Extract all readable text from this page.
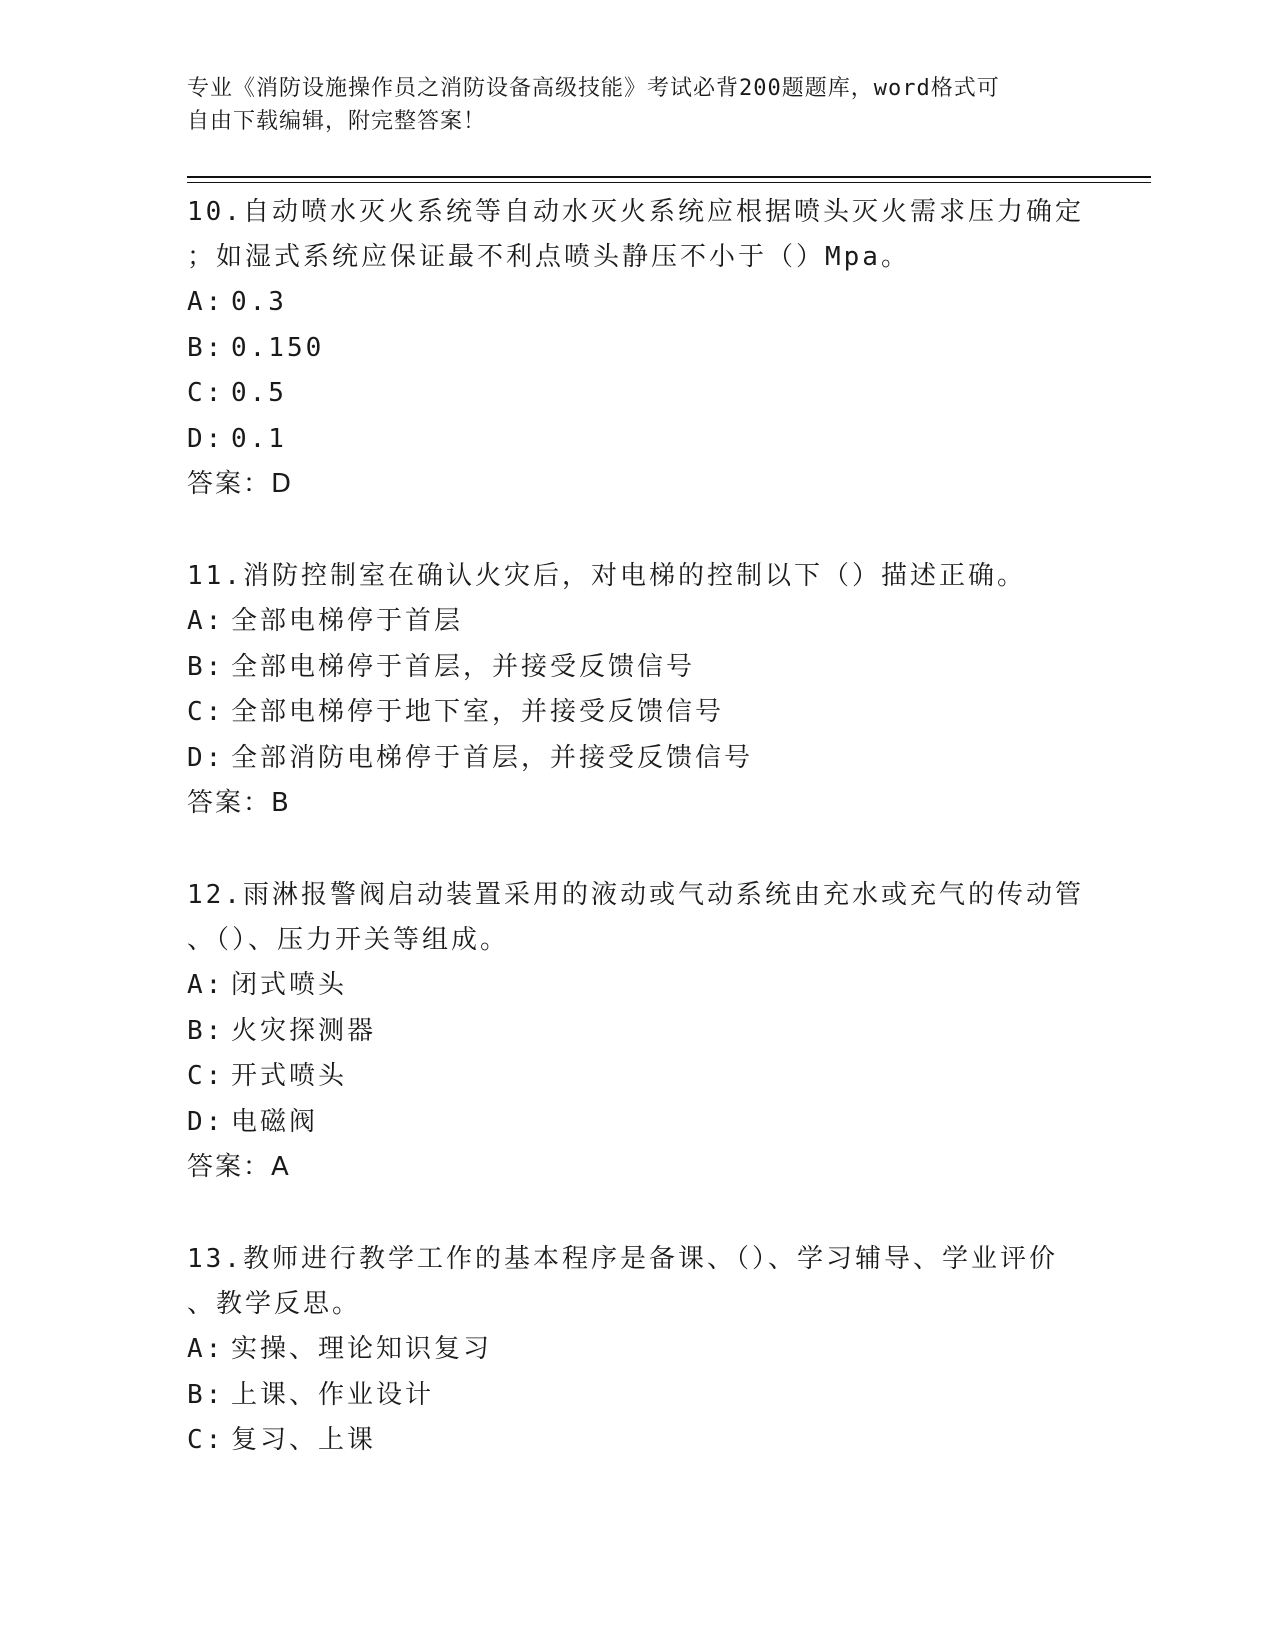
专业《消防设施操作员之消防设备高级技能》考试必背200题题库，word格式可
自由下载编辑，附完整答案！
10.自动喷水灭火系统等自动水灭火系统应根据喷头灭火需求压力确定
；如湿式系统应保证最不利点喷头静压不小于（）Mpa。
A: 0.3
B: 0.150
C: 0.5
D: 0.1
答案：D
11.消防控制室在确认火灾后，对电梯的控制以下（）描述正确。
A: 全部电梯停于首层
B: 全部电梯停于首层，并接受反馈信号
C: 全部电梯停于地下室，并接受反馈信号
D: 全部消防电梯停于首层，并接受反馈信号
答案：B
12.雨淋报警阀启动装置采用的液动或气动系统由充水或充气的传动管
、（）、压力开关等组成。
A: 闭式喷头
B: 火灾探测器
C: 开式喷头
D: 电磁阀
答案：A
13.教师进行教学工作的基本程序是备课、（）、学习辅导、学业评价
、教学反思。
A: 实操、理论知识复习
B: 上课、作业设计
C: 复习、上课
